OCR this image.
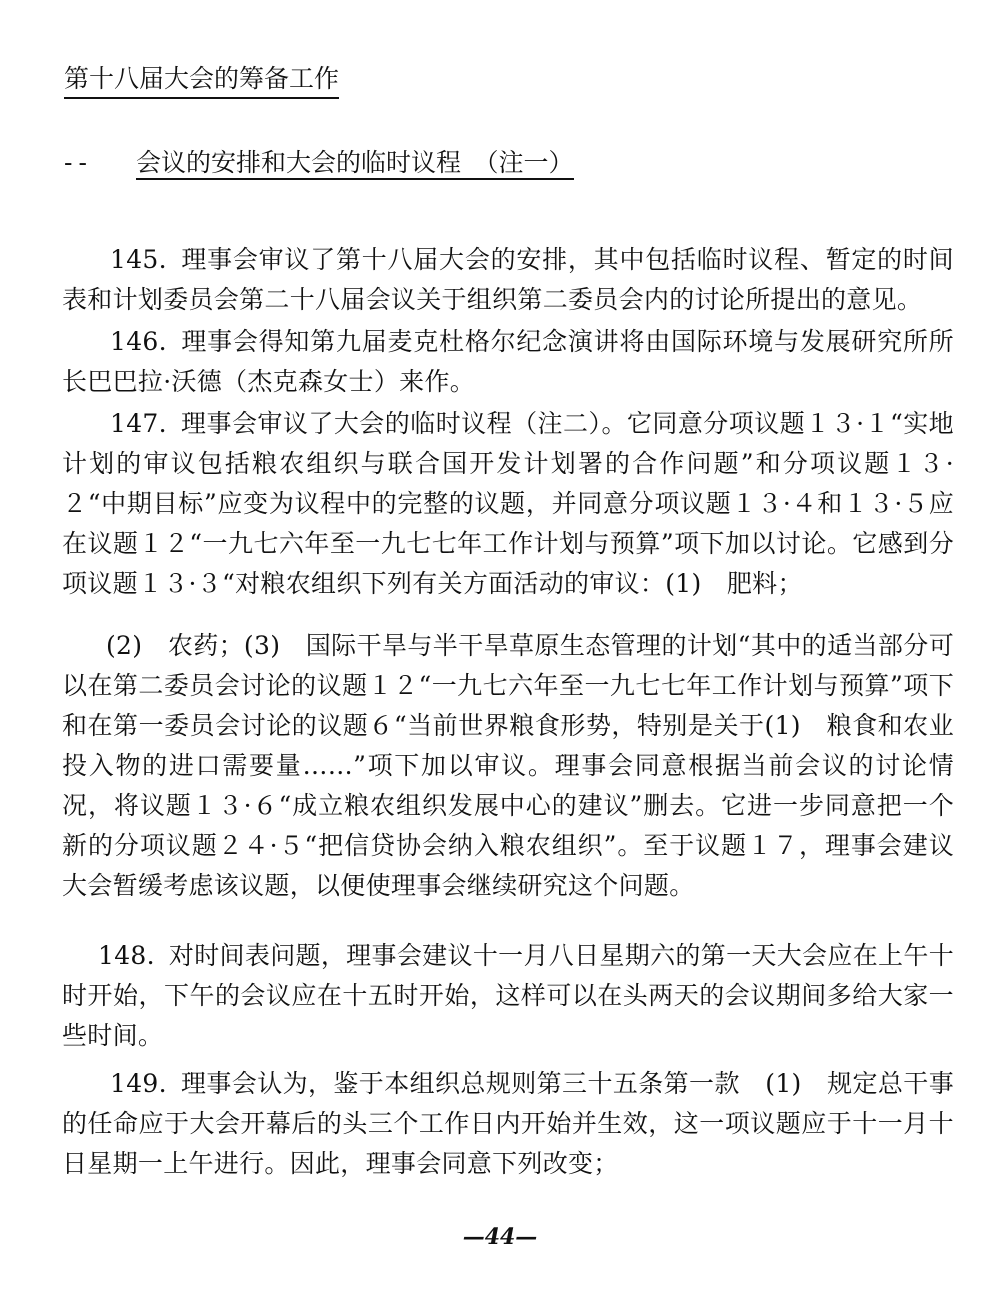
第十八届大会的筹备工作
-- 会议的安排和大会的临时议程　（注一）

145. 理事会审议了第十八届大会的安排，其中包括临时议程、暂定的时间表和计划委员会第二十八届会议关于组织第二委员会内的讨论所提出的意见。

146. 理事会得知第九届麦克杜格尔纪念演讲将由国际环境与发展研究所所长巴巴拉·沃德（杰克森女士）来作。

147. 理事会审议了大会的临时议程（注二）。它同意分项议题１３·１“实地计划的审议包括粮农组织与联合国开发计划署的合作问题”和分项议题１３·２“中期目标”应变为议程中的完整的议题，并同意分项议题１３·４和１３·５应在议题１２“一九七六年至一九七七年工作计划与预算”项下加以讨论。它感到分项议题１３·３“对粮农组织下列有关方面活动的审议：(1)　肥料；

(2)　农药；(3)　国际干旱与半干旱草原生态管理的计划“其中的适当部分可以在第二委员会讨论的议题１２“一九七六年至一九七七年工作计划与预算”项下和在第一委员会讨论的议题６“当前世界粮食形势，特别是关于(1)　粮食和农业投入物的进口需要量……”项下加以审议。理事会同意根据当前会议的讨论情况，将议题１３·６“成立粮农组织发展中心的建议”删去。它进一步同意把一个新的分项议题２４·５“把信贷协会纳入粮农组织”。至于议题１７，理事会建议大会暂缓考虑该议题，以便使理事会继续研究这个问题。

148. 对时间表问题，理事会建议十一月八日星期六的第一天大会应在上午十时开始，下午的会议应在十五时开始，这样可以在头两天的会议期间多给大家一些时间。

149. 理事会认为，鉴于本组织总规则第三十五条第一款　(1)　规定总干事的任命应于大会开幕后的头三个工作日内开始并生效，这一项议题应于十一月十日星期一上午进行。因此，理事会同意下列改变；

—44—
